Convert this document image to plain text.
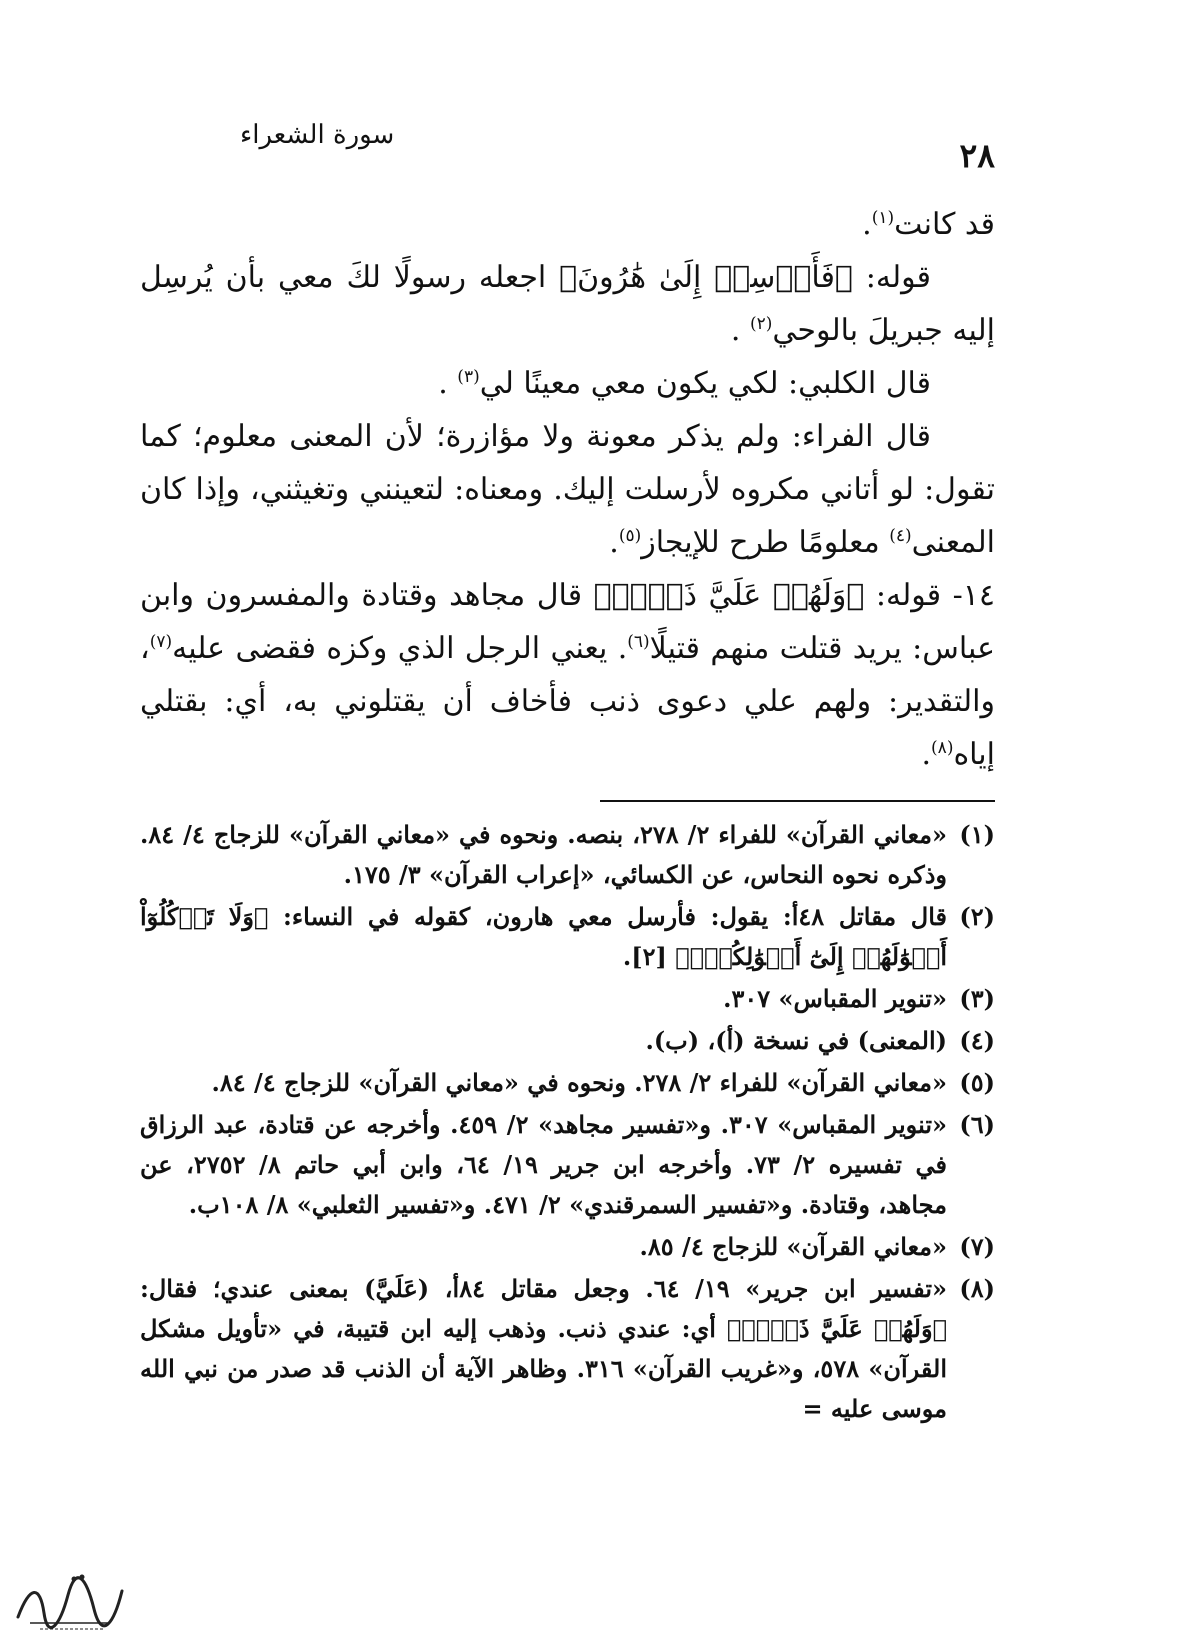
٢٨
سورة الشعراء

قد كانت$^{(١)}$.

قوله: ﴿فَأَرۡسِلۡ إِلَىٰ هَٰرُونَ﴾ اجعله رسولًا لكَ معي بأن يُرسِل إليه جبريلَ بالوحي$^{(٢)}$ .

قال الكلبي: لكي يكون معي معينًا لي$^{(٣)}$ .

قال الفراء: ولم يذكر معونة ولا مؤازرة؛ لأن المعنى معلوم؛ كما تقول: لو أتاني مكروه لأرسلت إليك. ومعناه: لتعينني وتغيثني، وإذا كان المعنى$^{(٤)}$ معلومًا طرح للإيجاز$^{(٥)}$.

١٤- قوله: ﴿وَلَهُمۡ عَلَيَّ ذَنۢبٞ﴾ قال مجاهد وقتادة والمفسرون وابن عباس: يريد قتلت منهم قتيلًا$^{(٦)}$. يعني الرجل الذي وكزه فقضى عليه$^{(٧)}$، والتقدير: ولهم علي دعوى ذنب فأخاف أن يقتلوني به، أي: بقتلي إياه$^{(٨)}$.

(١)
«معاني القرآن» للفراء ٢/ ٢٧٨، بنصه. ونحوه في «معاني القرآن» للزجاج ٤/ ٨٤. وذكره نحوه النحاس، عن الكسائي، «إعراب القرآن» ٣/ ١٧٥.
(٢)
قال مقاتل ٤٨أ: يقول: فأرسل معي هارون، كقوله في النساء: ﴿وَلَا تَأۡكُلُوٓاْ أَمۡوَٰلَهُمۡ إِلَىٰٓ أَمۡوَٰلِكُمۡۚ﴾ [٢].
(٣)
«تنوير المقباس» ٣٠٧.
(٤)
(المعنى) في نسخة (أ)، (ب).
(٥)
«معاني القرآن» للفراء ٢/ ٢٧٨. ونحوه في «معاني القرآن» للزجاج ٤/ ٨٤.
(٦)
«تنوير المقباس» ٣٠٧. و«تفسير مجاهد» ٢/ ٤٥٩. وأخرجه عن قتادة، عبد الرزاق في تفسيره ٢/ ٧٣. وأخرجه ابن جرير ١٩/ ٦٤، وابن أبي حاتم ٨/ ٢٧٥٢، عن مجاهد، وقتادة. و«تفسير السمرقندي» ٢/ ٤٧١. و«تفسير الثعلبي» ٨/ ١٠٨ب.
(٧)
«معاني القرآن» للزجاج ٤/ ٨٥.
(٨)
«تفسير ابن جرير» ١٩/ ٦٤. وجعل مقاتل ٨٤أ، (عَلَيَّ) بمعنى عندي؛ فقال: ﴿وَلَهُمۡ عَلَيَّ ذَنۢبٞ﴾ أي: عندي ذنب. وذهب إليه ابن قتيبة، في «تأويل مشكل القرآن» ٥٧٨، و«غريب القرآن» ٣١٦. وظاهر الآية أن الذنب قد صدر من نبي الله موسى عليه =
